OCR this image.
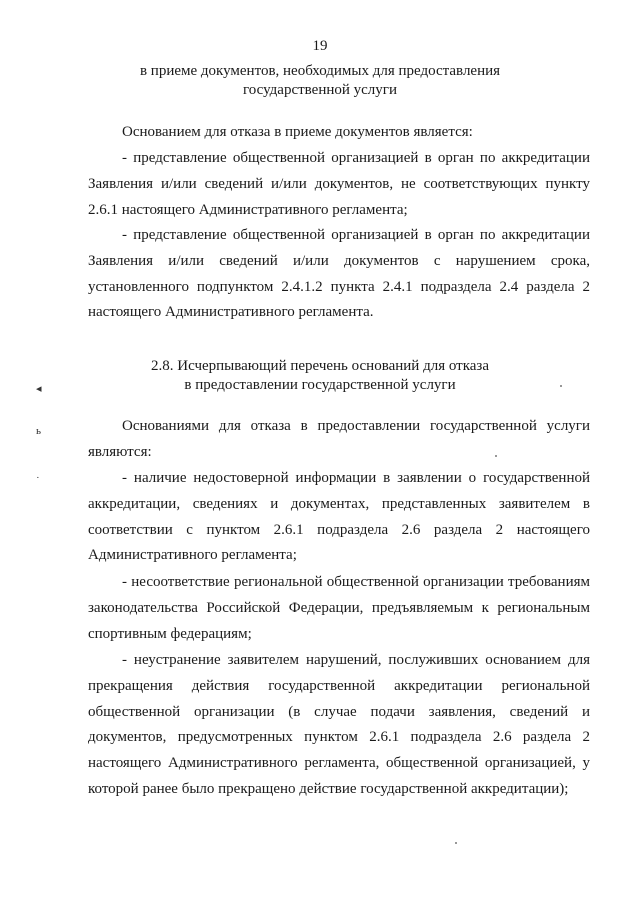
19
в приеме документов, необходимых для предоставления
государственной услуги
Основанием для отказа в приеме документов является:
- представление общественной организацией в орган по аккредитации Заявления и/или сведений и/или документов, не соответствующих пункту 2.6.1 настоящего Административного регламента;
- представление общественной организацией в орган по аккредитации Заявления и/или сведений и/или документов с нарушением срока, установленного подпунктом 2.4.1.2 пункта 2.4.1 подраздела 2.4 раздела 2 настоящего Административного регламента.
2.8. Исчерпывающий перечень оснований для отказа
в предоставлении государственной услуги
Основаниями для отказа в предоставлении государственной услуги являются:
- наличие недостоверной информации в заявлении о государственной аккредитации, сведениях и документах, представленных заявителем в соответствии с пунктом 2.6.1 подраздела 2.6 раздела 2 настоящего Административного регламента;
- несоответствие региональной общественной организации требованиям законодательства Российской Федерации, предъявляемым к региональным спортивным федерациям;
- неустранение заявителем нарушений, послуживших основанием для прекращения действия государственной аккредитации региональной общественной организации (в случае подачи заявления, сведений и документов, предусмотренных пунктом 2.6.1 подраздела 2.6 раздела 2 настоящего Административного регламента, общественной организацией, у которой ранее было прекращено действие государственной аккредитации);
◂
ь
˙
